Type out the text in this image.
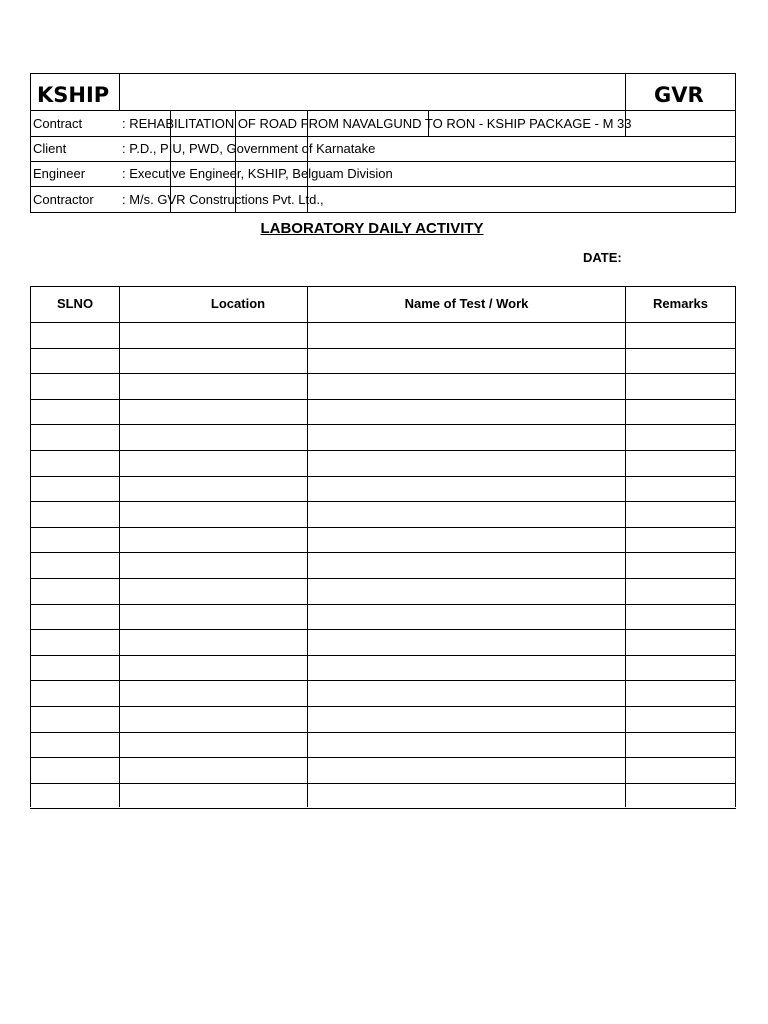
KSHIP	GVR
Contract	: REHABILITATION OF ROAD FROM NAVALGUND TO RON - KSHIP PACKAGE - M 33
Client	: P.D., PIU, PWD, Government of Karnatake
Engineer	: Executive Engineer, KSHIP, Belguam Division
Contractor : M/s. GVR Constructions Pvt. Ltd.,
LABORATORY DAILY ACTIVITY
DATE:
SLNO	Location	Name of Test / Work	Remarks
